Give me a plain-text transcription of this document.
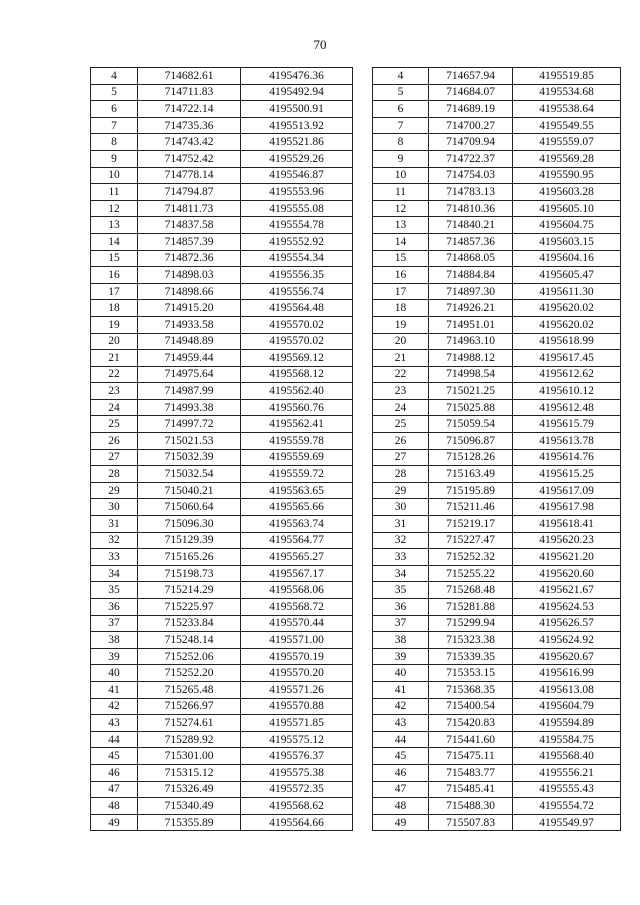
70
4	714682.61	4195476.36
5	714711.83	4195492.94
6	714722.14	4195500.91
7	714735.36	4195513.92
8	714743.42	4195521.86
9	714752.42	4195529.26
10	714778.14	4195546.87
11	714794.87	4195553.96
12	714811.73	4195555.08
13	714837.58	4195554.78
14	714857.39	4195552.92
15	714872.36	4195554.34
16	714898.03	4195556.35
17	714898.66	4195556.74
18	714915.20	4195564.48
19	714933.58	4195570.02
20	714948.89	4195570.02
21	714959.44	4195569.12
22	714975.64	4195568.12
23	714987.99	4195562.40
24	714993.38	4195560.76
25	714997.72	4195562.41
26	715021.53	4195559.78
27	715032.39	4195559.69
28	715032.54	4195559.72
29	715040.21	4195563.65
30	715060.64	4195565.66
31	715096.30	4195563.74
32	715129.39	4195564.77
33	715165.26	4195565.27
34	715198.73	4195567.17
35	715214.29	4195568.06
36	715225.97	4195568.72
37	715233.84	4195570.44
38	715248.14	4195571.00
39	715252.06	4195570.19
40	715252.20	4195570.20
41	715265.48	4195571.26
42	715266.97	4195570.88
43	715274.61	4195571.85
44	715289.92	4195575.12
45	715301.00	4195576.37
46	715315.12	4195575.38
47	715326.49	4195572.35
48	715340.49	4195568.62
49	715355.89	4195564.66
4	714657.94	4195519.85
5	714684.07	4195534.68
6	714689.19	4195538.64
7	714700.27	4195549.55
8	714709.94	4195559.07
9	714722.37	4195569.28
10	714754.03	4195590.95
11	714783.13	4195603.28
12	714810.36	4195605.10
13	714840.21	4195604.75
14	714857.36	4195603.15
15	714868.05	4195604.16
16	714884.84	4195605.47
17	714897.30	4195611.30
18	714926.21	4195620.02
19	714951.01	4195620.02
20	714963.10	4195618.99
21	714988.12	4195617.45
22	714998.54	4195612.62
23	715021.25	4195610.12
24	715025.88	4195612.48
25	715059.54	4195615.79
26	715096.87	4195613.78
27	715128.26	4195614.76
28	715163.49	4195615.25
29	715195.89	4195617.09
30	715211.46	4195617.98
31	715219.17	4195618.41
32	715227.47	4195620.23
33	715252.32	4195621.20
34	715255.22	4195620.60
35	715268.48	4195621.67
36	715281.88	4195624.53
37	715299.94	4195626.57
38	715323.38	4195624.92
39	715339.35	4195620.67
40	715353.15	4195616.99
41	715368.35	4195613.08
42	715400.54	4195604.79
43	715420.83	4195594.89
44	715441.60	4195584.75
45	715475.11	4195568.40
46	715483.77	4195556.21
47	715485.41	4195555.43
48	715488.30	4195554.72
49	715507.83	4195549.97
